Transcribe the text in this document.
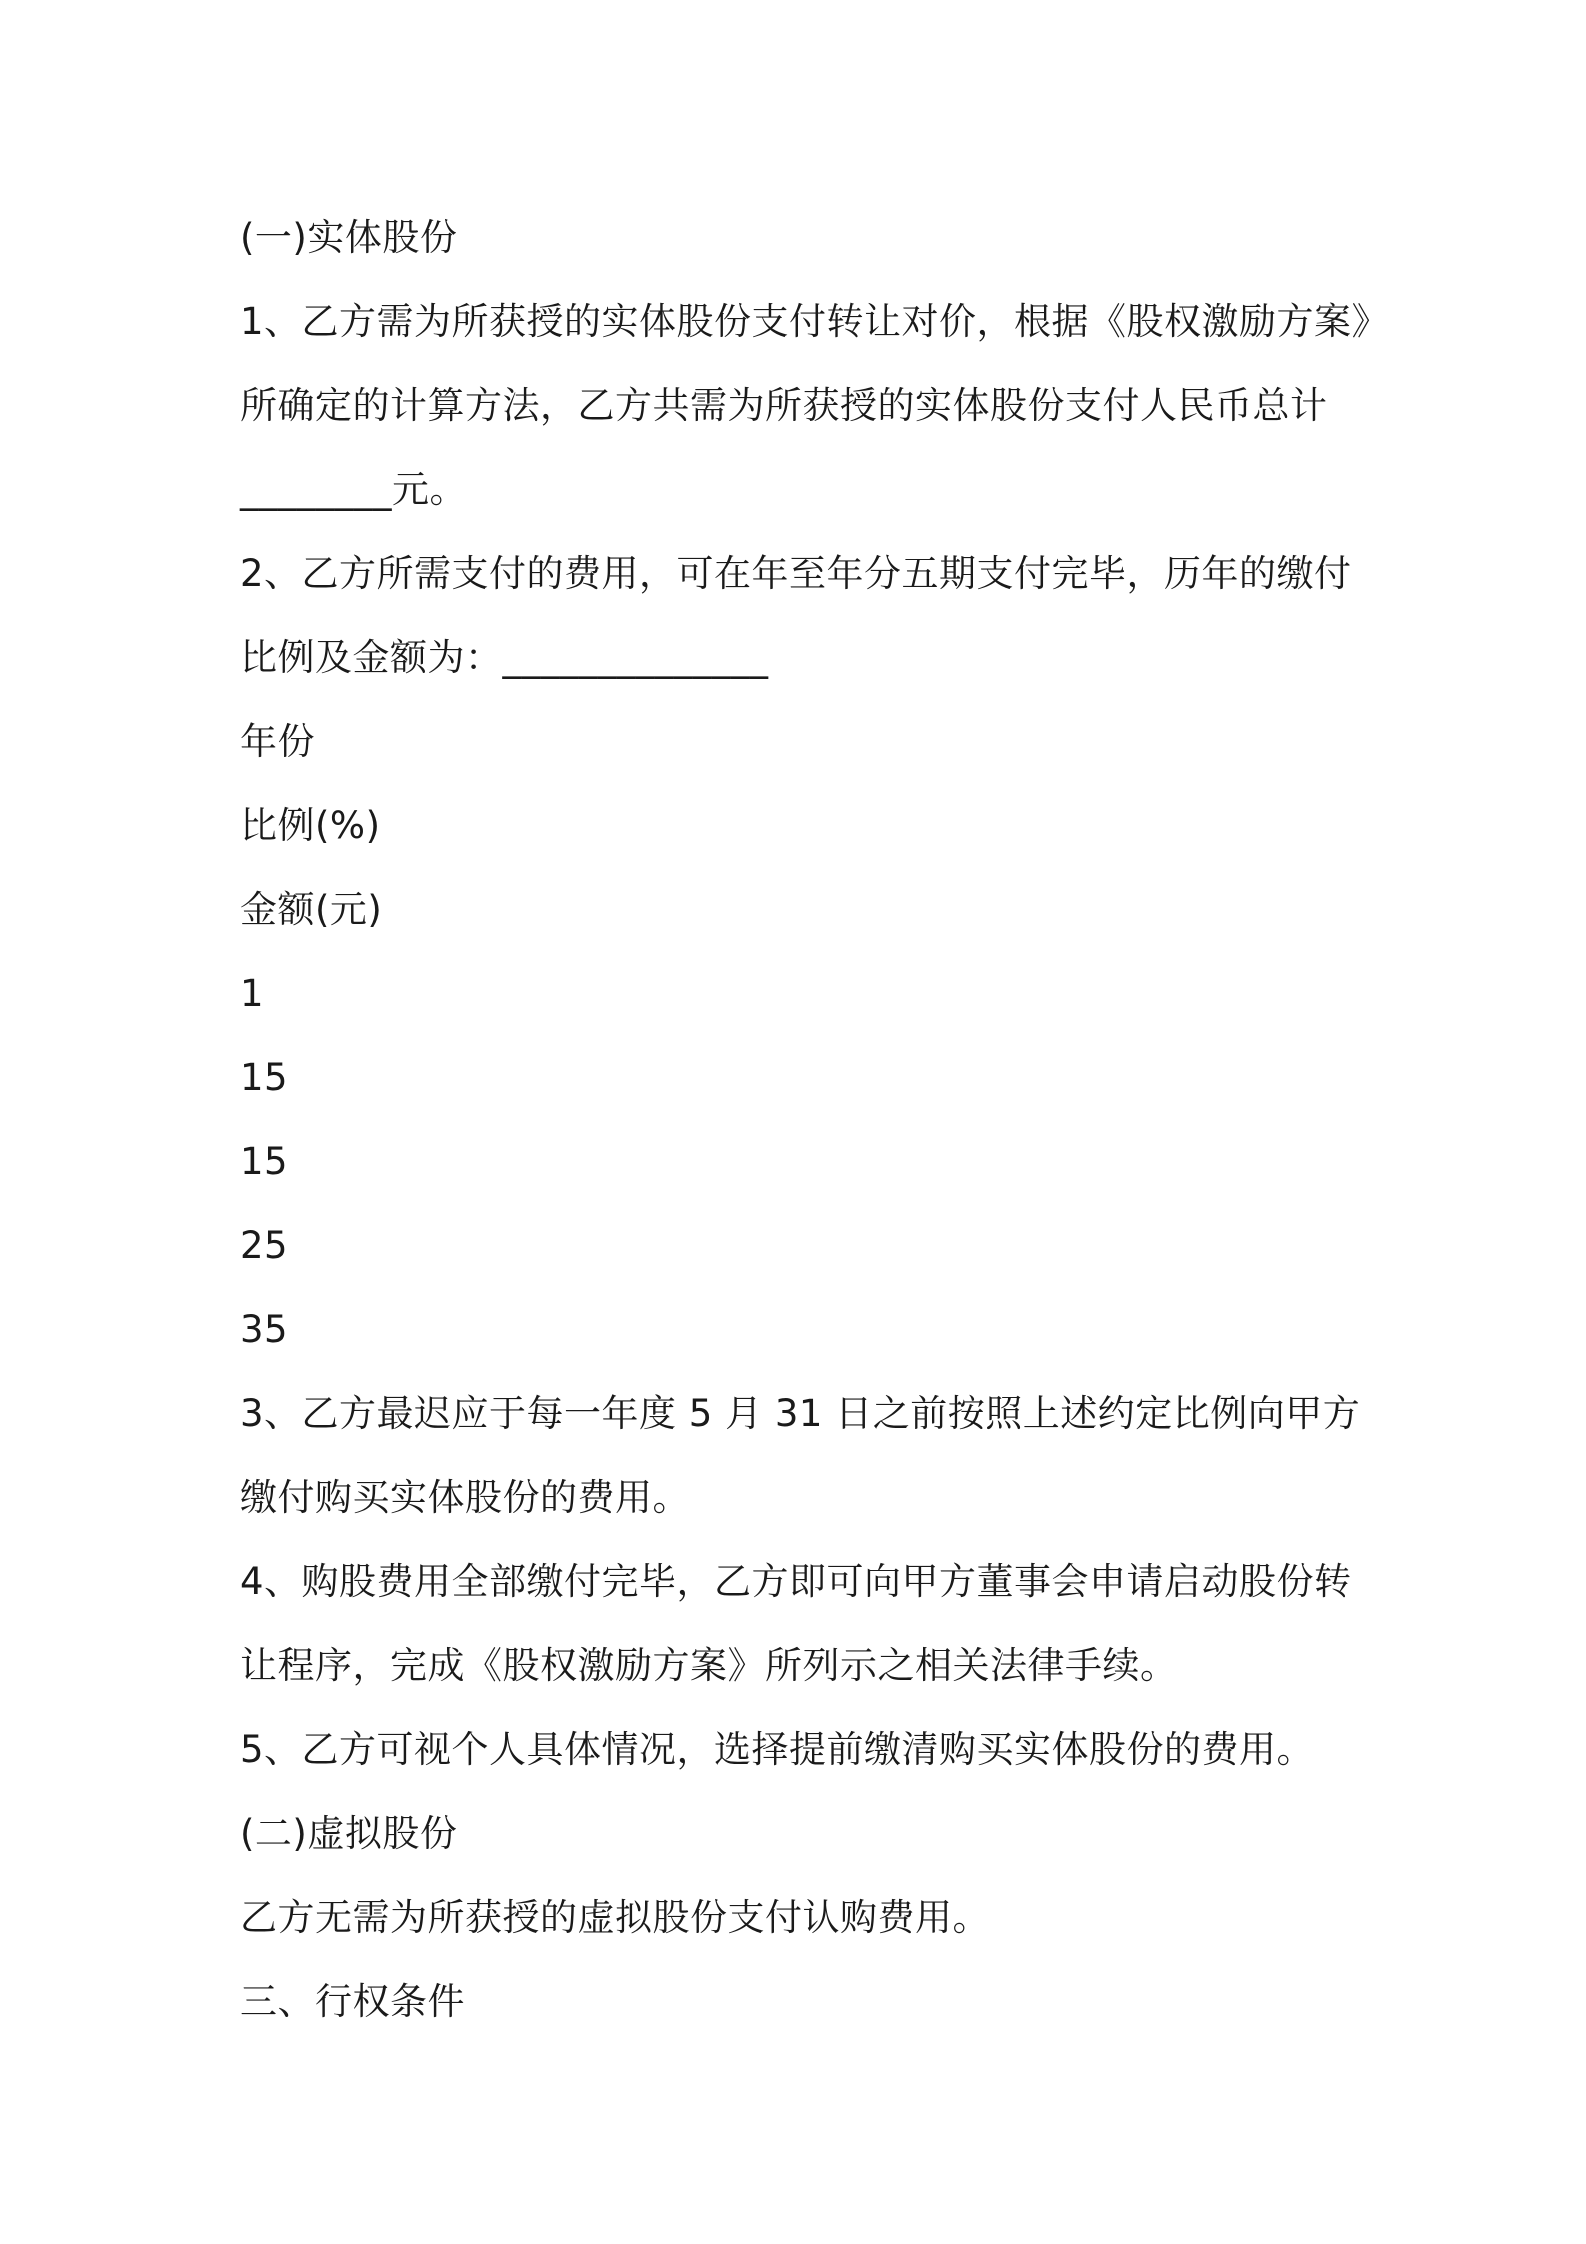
(一)实体股份
1、乙方需为所获授的实体股份支付转让对价，根据《股权激励方案》
所确定的计算方法，乙方共需为所获授的实体股份支付人民币总计
________元。
2、乙方所需支付的费用，可在年至年分五期支付完毕，历年的缴付
比例及金额为：______________
年份
比例(%)
金额(元)
1
15
15
25
35
3、乙方最迟应于每一年度 5 月 31 日之前按照上述约定比例向甲方
缴付购买实体股份的费用。
4、购股费用全部缴付完毕，乙方即可向甲方董事会申请启动股份转
让程序，完成《股权激励方案》所列示之相关法律手续。
5、乙方可视个人具体情况，选择提前缴清购买实体股份的费用。
(二)虚拟股份
乙方无需为所获授的虚拟股份支付认购费用。
三、行权条件
